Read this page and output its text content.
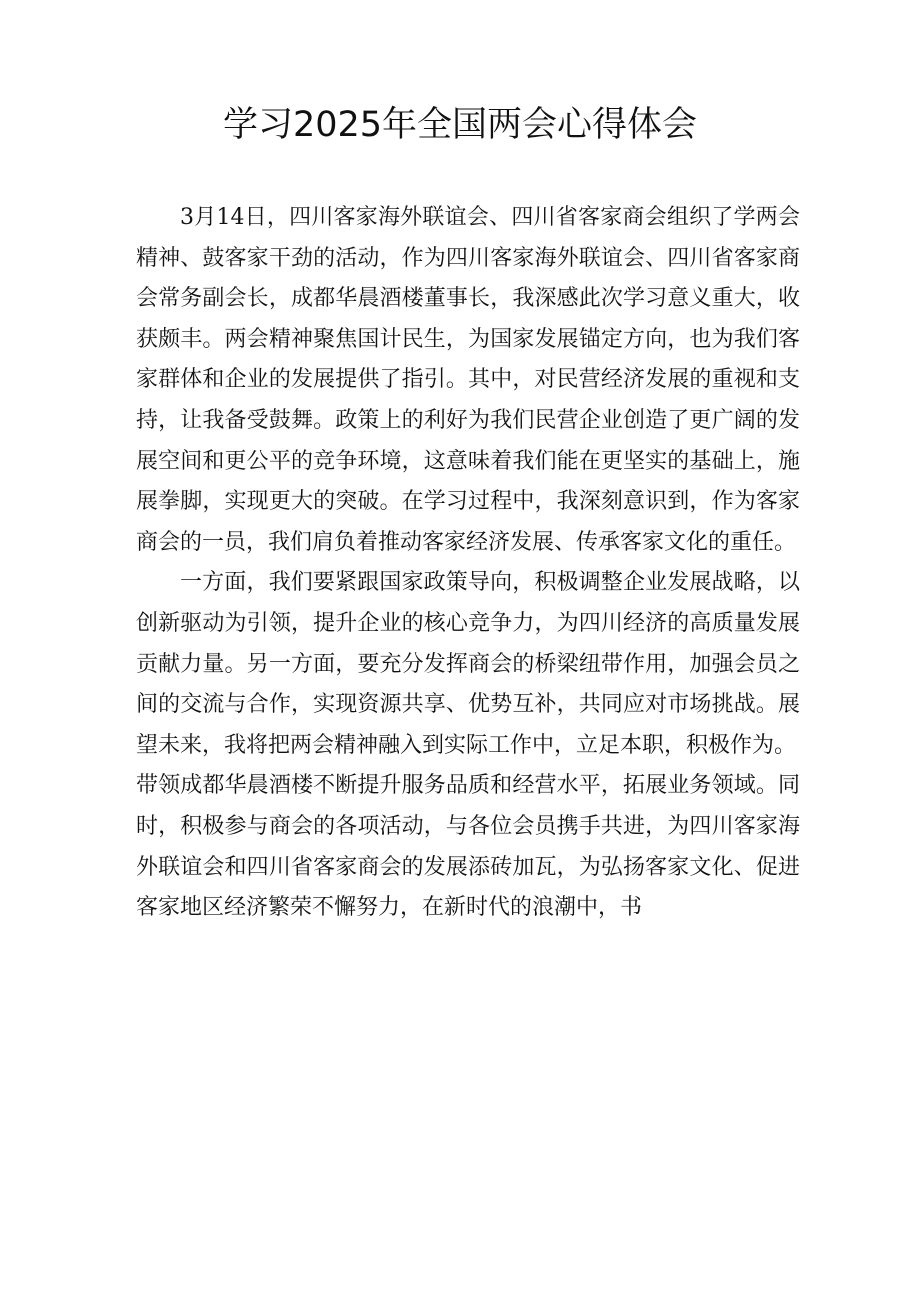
学习2025年全国两会心得体会

3月14日，四川客家海外联谊会、四川省客家商会组织了学两会精神、鼓客家干劲的活动，作为四川客家海外联谊会、四川省客家商会常务副会长，成都华晨酒楼董事长，我深感此次学习意义重大，收获颇丰。两会精神聚焦国计民生，为国家发展锚定方向，也为我们客家群体和企业的发展提供了指引。其中，对民营经济发展的重视和支持，让我备受鼓舞。政策上的利好为我们民营企业创造了更广阔的发展空间和更公平的竞争环境，这意味着我们能在更坚实的基础上，施展拳脚，实现更大的突破。在学习过程中，我深刻意识到，作为客家商会的一员，我们肩负着推动客家经济发展、传承客家文化的重任。

一方面，我们要紧跟国家政策导向，积极调整企业发展战略，以创新驱动为引领，提升企业的核心竞争力，为四川经济的高质量发展贡献力量。另一方面，要充分发挥商会的桥梁纽带作用，加强会员之间的交流与合作，实现资源共享、优势互补，共同应对市场挑战。展望未来，我将把两会精神融入到实际工作中，立足本职，积极作为。

带领成都华晨酒楼不断提升服务品质和经营水平，拓展业务领域。同时，积极参与商会的各项活动，与各位会员携手共进，为四川客家海外联谊会和四川省客家商会的发展添砖加瓦，为弘扬客家文化、促进客家地区经济繁荣不懈努力，在新时代的浪潮中，书
